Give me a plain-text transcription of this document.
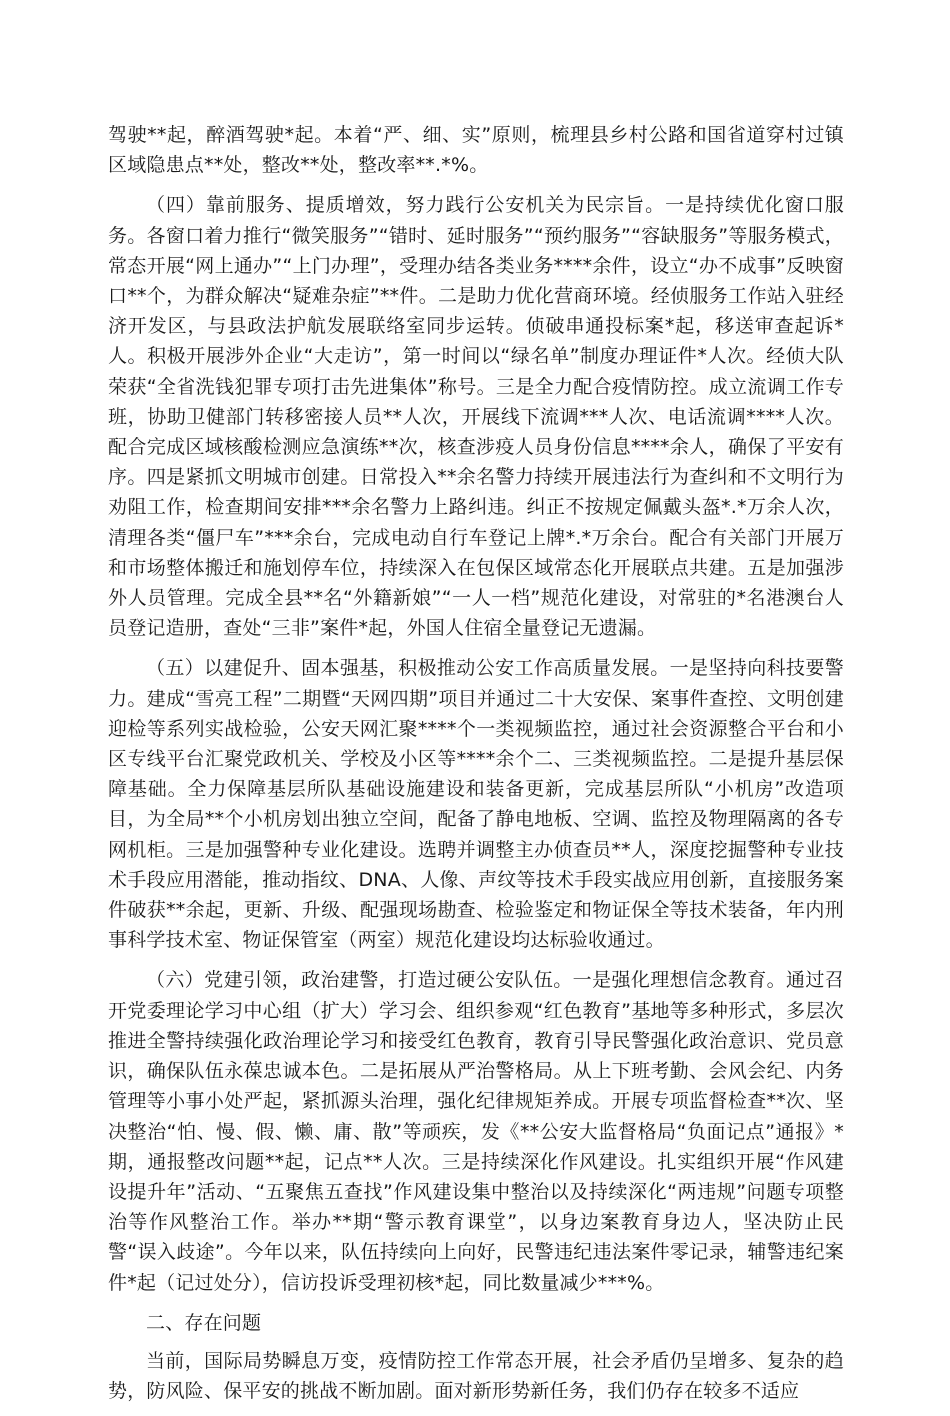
驾驶**起，醉酒驾驶*起。本着“严、细、实”原则，梳理县乡村公路和国省道穿村过镇区域隐患点**处，整改**处，整改率**.*%。

（四）靠前服务、提质增效，努力践行公安机关为民宗旨。一是持续优化窗口服务。各窗口着力推行“微笑服务”“错时、延时服务”“预约服务”“容缺服务”等服务模式，常态开展“网上通办”“上门办理”，受理办结各类业务****余件，设立“办不成事”反映窗口**个，为群众解决“疑难杂症”**件。二是助力优化营商环境。经侦服务工作站入驻经济开发区，与县政法护航发展联络室同步运转。侦破串通投标案*起，移送审查起诉*人。积极开展涉外企业“大走访”，第一时间以“绿名单”制度办理证件*人次。经侦大队荣获“全省洗钱犯罪专项打击先进集体”称号。三是全力配合疫情防控。成立流调工作专班，协助卫健部门转移密接人员**人次，开展线下流调***人次、电话流调****人次。配合完成区域核酸检测应急演练**次，核查涉疫人员身份信息****余人，确保了平安有序。四是紧抓文明城市创建。日常投入**余名警力持续开展违法行为查纠和不文明行为劝阻工作，检查期间安排***余名警力上路纠违。纠正不按规定佩戴头盔*.*万余人次，清理各类“僵尸车”***余台，完成电动自行车登记上牌*.*万余台。配合有关部门开展万和市场整体搬迁和施划停车位，持续深入在包保区域常态化开展联点共建。五是加强涉外人员管理。完成全县**名“外籍新娘”“一人一档”规范化建设，对常驻的*名港澳台人员登记造册，查处“三非”案件*起，外国人住宿全量登记无遗漏。

（五）以建促升、固本强基，积极推动公安工作高质量发展。一是坚持向科技要警力。建成“雪亮工程”二期暨“天网四期”项目并通过二十大安保、案事件查控、文明创建迎检等系列实战检验，公安天网汇聚****个一类视频监控，通过社会资源整合平台和小区专线平台汇聚党政机关、学校及小区等****余个二、三类视频监控。二是提升基层保障基础。全力保障基层所队基础设施建设和装备更新，完成基层所队“小机房”改造项目，为全局**个小机房划出独立空间，配备了静电地板、空调、监控及物理隔离的各专网机柜。三是加强警种专业化建设。选聘并调整主办侦查员**人，深度挖掘警种专业技术手段应用潜能，推动指纹、DNA、人像、声纹等技术手段实战应用创新，直接服务案件破获**余起，更新、升级、配强现场勘查、检验鉴定和物证保全等技术装备，年内刑事科学技术室、物证保管室（两室）规范化建设均达标验收通过。

（六）党建引领，政治建警，打造过硬公安队伍。一是强化理想信念教育。通过召开党委理论学习中心组（扩大）学习会、组织参观“红色教育”基地等多种形式，多层次推进全警持续强化政治理论学习和接受红色教育，教育引导民警强化政治意识、党员意识，确保队伍永葆忠诚本色。二是拓展从严治警格局。从上下班考勤、会风会纪、内务管理等小事小处严起，紧抓源头治理，强化纪律规矩养成。开展专项监督检查**次、坚决整治“怕、慢、假、懒、庸、散”等顽疾，发《**公安大监督格局“负面记点”通报》*期，通报整改问题**起，记点**人次。三是持续深化作风建设。扎实组织开展“作风建设提升年”活动、“五聚焦五查找”作风建设集中整治以及持续深化“两违规”问题专项整治等作风整治工作。举办**期“警示教育课堂”，以身边案教育身边人，坚决防止民警“误入歧途”。今年以来，队伍持续向上向好，民警违纪违法案件零记录，辅警违纪案件*起（记过处分），信访投诉受理初核*起，同比数量减少***%。

二、存在问题

当前，国际局势瞬息万变，疫情防控工作常态开展，社会矛盾仍呈增多、复杂的趋势，防风险、保平安的挑战不断加剧。面对新形势新任务，我们仍存在较多不适应
